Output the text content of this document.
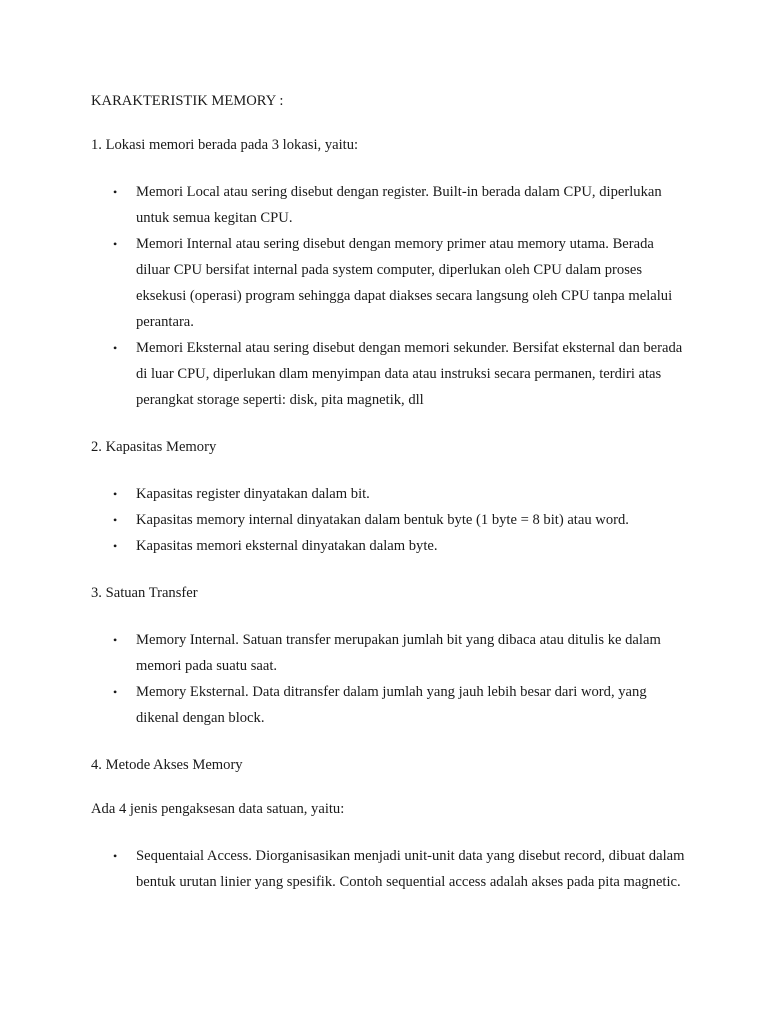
KARAKTERISTIK MEMORY :

1. Lokasi memori berada pada 3 lokasi, yaitu:

• Memori Local atau sering disebut dengan register. Built-in berada dalam CPU, diperlukan untuk semua kegitan CPU.
• Memori Internal atau sering disebut dengan memory primer atau memory utama. Berada diluar CPU bersifat internal pada system computer, diperlukan oleh CPU dalam proses eksekusi (operasi) program sehingga dapat diakses secara langsung oleh CPU tanpa melalui perantara.
• Memori Eksternal atau sering disebut dengan memori sekunder. Bersifat eksternal dan berada di luar CPU, diperlukan dlam menyimpan data atau instruksi secara permanen, terdiri atas perangkat storage seperti: disk, pita magnetik, dll

2. Kapasitas Memory

• Kapasitas register dinyatakan dalam bit.
• Kapasitas memory internal dinyatakan dalam bentuk byte (1 byte = 8 bit) atau word.
• Kapasitas memori eksternal dinyatakan dalam byte.

3. Satuan Transfer

• Memory Internal. Satuan transfer merupakan jumlah bit yang dibaca atau ditulis ke dalam memori pada suatu saat.
• Memory Eksternal. Data ditransfer dalam jumlah yang jauh lebih besar dari word, yang dikenal dengan block.

4. Metode Akses Memory

Ada 4 jenis pengaksesan data satuan, yaitu:

• Sequentaial Access. Diorganisasikan menjadi unit-unit data yang disebut record, dibuat dalam bentuk urutan linier yang spesifik. Contoh sequential access adalah akses pada pita magnetic.
